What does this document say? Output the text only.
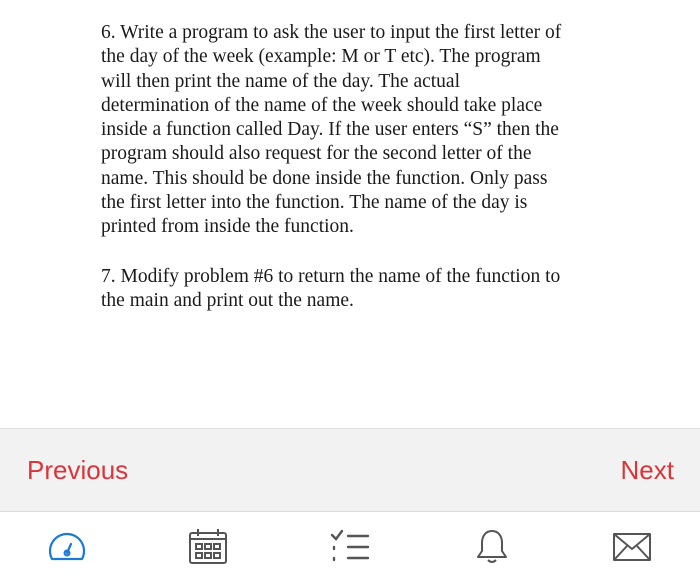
6. Write a program to ask the user to input the first letter of
the day of the week (example: M or T etc). The program
will then print the name of the day. The actual
determination of the name of the week should take place
inside a function called Day. If the user enters “S” then the
program should also request for the second letter of the
name. This should be done inside the function. Only pass
the first letter into the function. The name of the day is
printed from inside the function.
7. Modify problem #6 to return the name of the function to
the main and print out the name.
Previous	Next
